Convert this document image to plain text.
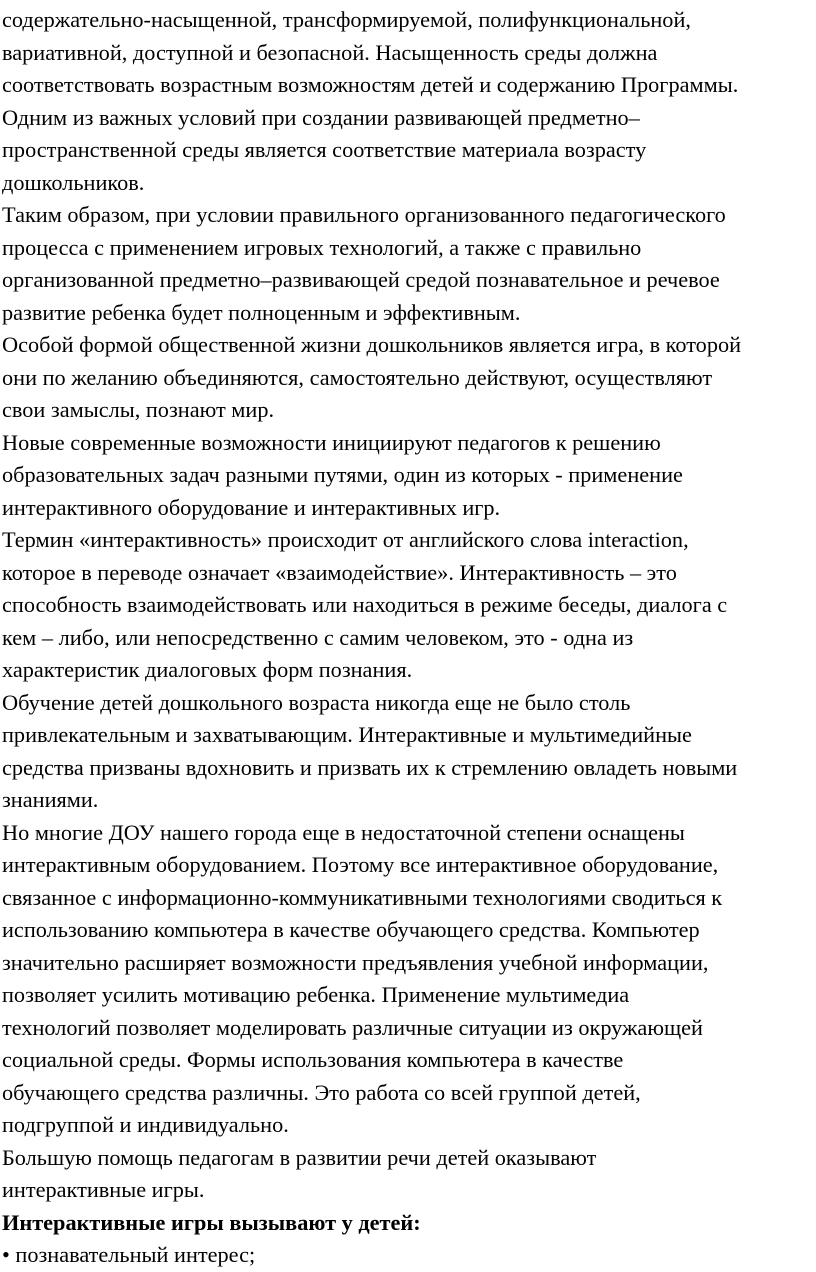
содержательно-насыщенной, трансформируемой, полифункциональной,
вариативной, доступной и безопасной. Насыщенность среды должна
соответствовать возрастным возможностям детей и содержанию Программы.
Одним из важных условий при создании развивающей предметно–
пространственной среды является соответствие материала возрасту
дошкольников.
Таким образом, при условии правильного организованного педагогического
процесса с применением игровых технологий, а также с правильно
организованной предметно–развивающей средой познавательное и речевое
развитие ребенка будет полноценным и эффективным.
Особой формой общественной жизни дошкольников является игра, в которой
они по желанию объединяются, самостоятельно действуют, осуществляют
свои замыслы, познают мир.
Новые современные возможности инициируют педагогов к решению
образовательных задач разными путями, один из которых - применение
интерактивного оборудование и интерактивных игр.
Термин «интерактивность» происходит от английского слова interaction,
которое в переводе означает «взаимодействие». Интерактивность – это
способность взаимодействовать или находиться в режиме беседы, диалога с
кем – либо, или непосредственно с самим человеком, это - одна из
характеристик диалоговых форм познания.
Обучение детей дошкольного возраста никогда еще не было столь
привлекательным и захватывающим. Интерактивные и мультимедийные
средства призваны вдохновить и призвать их к стремлению овладеть новыми
знаниями.
Но многие ДОУ нашего города еще в недостаточной степени оснащены
интерактивным оборудованием. Поэтому все интерактивное оборудование,
связанное с информационно-коммуникативными технологиями сводиться к
использованию компьютера в качестве обучающего средства. Компьютер
значительно расширяет возможности предъявления учебной информации,
позволяет усилить мотивацию ребенка. Применение мультимедиа
технологий позволяет моделировать различные ситуации из окружающей
социальной среды. Формы использования компьютера в качестве
обучающего средства различны. Это работа со всей группой детей,
подгруппой и индивидуально.
Большую помощь педагогам в развитии речи детей оказывают
интерактивные игры.
Интерактивные игры вызывают у детей:
• познавательный интерес;
